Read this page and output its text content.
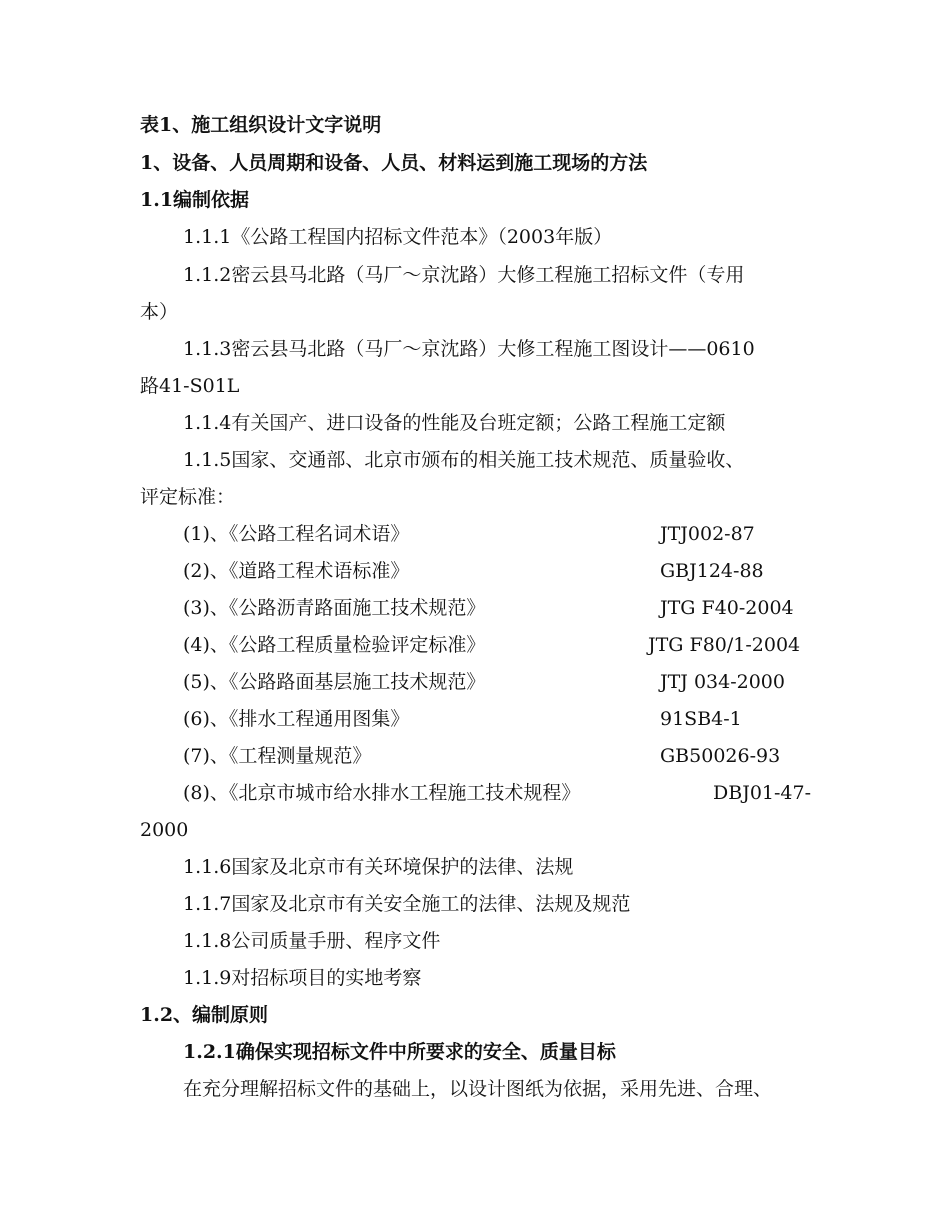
表1、施工组织设计文字说明
1、设备、人员周期和设备、人员、材料运到施工现场的方法
1.1编制依据
1.1.1《公路工程国内招标文件范本》（2003年版）
1.1.2密云县马北路（马厂～京沈路）大修工程施工招标文件（专用
本）
1.1.3密云县马北路（马厂～京沈路）大修工程施工图设计——0610
路41-S01L
1.1.4有关国产、进口设备的性能及台班定额；公路工程施工定额
1.1.5国家、交通部、北京市颁布的相关施工技术规范、质量验收、
评定标准：
(1)、《公路工程名词术语》	JTJ002-87
(2)、《道路工程术语标准》	GBJ124-88
(3)、《公路沥青路面施工技术规范》	JTG F40-2004
(4)、《公路工程质量检验评定标准》	JTG F80/1-2004
(5)、《公路路面基层施工技术规范》	JTJ 034-2000
(6)、《排水工程通用图集》	91SB4-1
(7)、《工程测量规范》	GB50026-93
(8)、《北京市城市给水排水工程施工技术规程》	DBJ01-47-
2000
1.1.6国家及北京市有关环境保护的法律、法规
1.1.7国家及北京市有关安全施工的法律、法规及规范
1.1.8公司质量手册、程序文件
1.1.9对招标项目的实地考察
1.2、编制原则
1.2.1确保实现招标文件中所要求的安全、质量目标
在充分理解招标文件的基础上，以设计图纸为依据，采用先进、合理、
